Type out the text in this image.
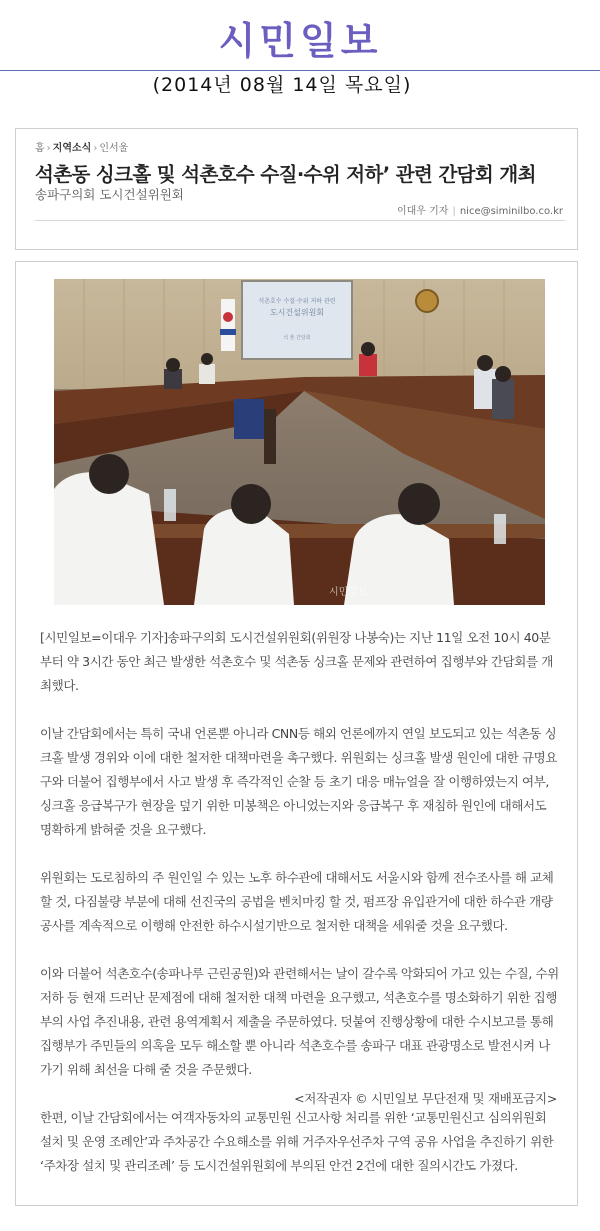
시민일보
(2014년 08월 14일 목요일)
홈 › 지역소식 › 인서울
석촌동 싱크홀 및 석촌호수 수질·수위 저하’ 관련 간담회 개최
송파구의회 도시건설위원회
이대우 기자 | nice@siminilbo.co.kr
석촌호수 수질·수위 저하 관련
도시건설위원회
석 촌 간담회
시민일보

[시민일보=이대우 기자]송파구의회 도시건설위원회(위원장 나봉숙)는 지난 11일 오전 10시 40분부터 약 3시간 동안 최근 발생한 석촌호수 및 석촌동 싱크홀 문제와 관련하여 집행부와 간담회를 개최했다.

이날 간담회에서는 특히 국내 언론뿐 아니라 CNN등 해외 언론에까지 연일 보도되고 있는 석촌동 싱크홀 발생 경위와 이에 대한 철저한 대책마련을 촉구했다. 위원회는 싱크홀 발생 원인에 대한 규명요구와 더불어 집행부에서 사고 발생 후 즉각적인 순찰 등 초기 대응 매뉴얼을 잘 이행하였는지 여부, 싱크홀 응급복구가 현장을 덮기 위한 미봉책은 아니었는지와 응급복구 후 재침하 원인에 대해서도 명확하게 밝혀줄 것을 요구했다.

위원회는 도로침하의 주 원인일 수 있는 노후 하수관에 대해서도 서울시와 함께 전수조사를 해 교체할 것, 다짐불량 부분에 대해 선진국의 공법을 벤치마킹 할 것, 펌프장 유입관거에 대한 하수관 개량 공사를 계속적으로 이행해 안전한 하수시설기반으로 철저한 대책을 세워줄 것을 요구했다.

이와 더불어 석촌호수(송파나루 근린공원)와 관련해서는 날이 갈수록 악화되어 가고 있는 수질, 수위저하 등 현재 드러난 문제점에 대해 철저한 대책 마련을 요구했고, 석촌호수를 명소화하기 위한 집행부의 사업 추진내용, 관련 용역계획서 제출을 주문하였다. 덧붙여 진행상황에 대한 수시보고를 통해 집행부가 주민들의 의혹을 모두 해소할 뿐 아니라 석촌호수를 송파구 대표 관광명소로 발전시켜 나가기 위해 최선을 다해 줄 것을 주문했다.

한편, 이날 간담회에서는 여객자동차의 교통민원 신고사항 처리를 위한 ‘교통민원신고 심의위원회 설치 및 운영 조례안’과 주차공간 수요해소를 위해 거주자우선주차 구역 공유 사업을 추진하기 위한 ‘주차장 설치 및 관리조례’ 등 도시건설위원회에 부의된 안건 2건에 대한 질의시간도 가졌다.

<저작권자 © 시민일보 무단전재 및 재배포금지>
